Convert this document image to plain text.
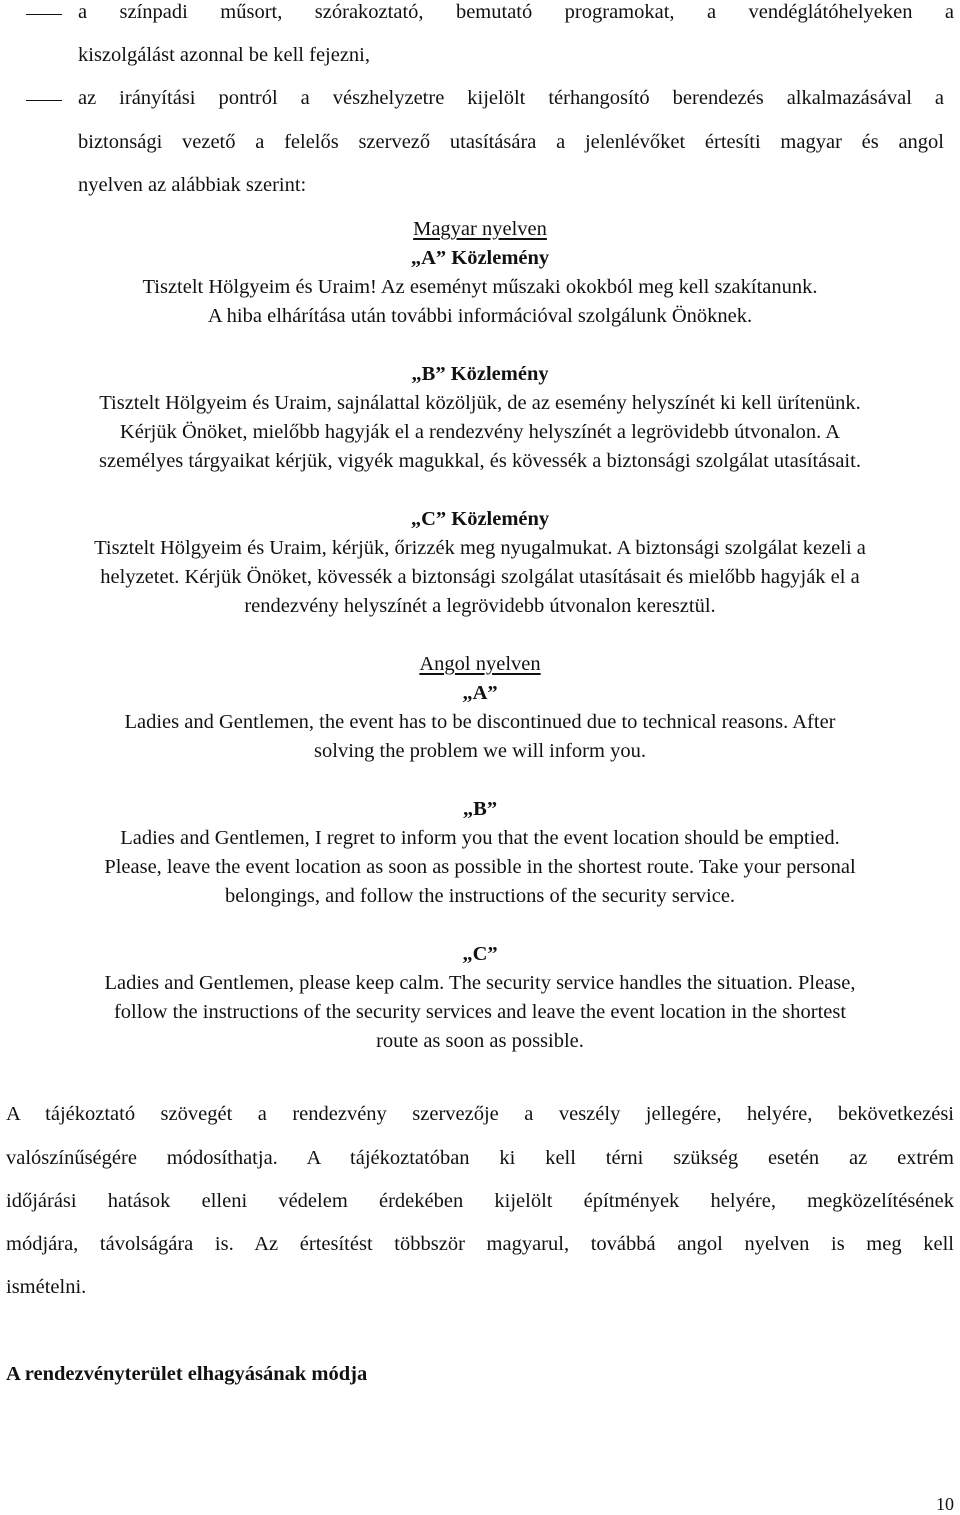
a színpadi műsort, szórakoztató, bemutató programokat, a vendéglátóhelyeken a
kiszolgálást azonnal be kell fejezni,
az irányítási pontról a vészhelyzetre kijelölt térhangosító berendezés alkalmazásával a
biztonsági vezető a felelős szervező utasítására a jelenlévőket értesíti magyar és angol
nyelven az alábbiak szerint:
Magyar nyelven
„A” Közlemény
Tisztelt Hölgyeim és Uraim! Az eseményt műszaki okokból meg kell szakítanunk.
A hiba elhárítása után további információval szolgálunk Önöknek.
„B” Közlemény
Tisztelt Hölgyeim és Uraim, sajnálattal közöljük, de az esemény helyszínét ki kell ürítenünk.
Kérjük Önöket, mielőbb hagyják el a rendezvény helyszínét a legrövidebb útvonalon. A
személyes tárgyaikat kérjük, vigyék magukkal, és kövessék a biztonsági szolgálat utasításait.
„C” Közlemény
Tisztelt Hölgyeim és Uraim, kérjük, őrizzék meg nyugalmukat. A biztonsági szolgálat kezeli a
helyzetet. Kérjük Önöket, kövessék a biztonsági szolgálat utasításait és mielőbb hagyják el a
rendezvény helyszínét a legrövidebb útvonalon keresztül.
Angol nyelven
„A”
Ladies and Gentlemen, the event has to be discontinued due to technical reasons. After
solving the problem we will inform you.
„B”
Ladies and Gentlemen, I regret to inform you that the event location should be emptied.
Please, leave the event location as soon as possible in the shortest route. Take your personal
belongings, and follow the instructions of the security service.
„C”
Ladies and Gentlemen, please keep calm. The security service handles the situation. Please,
follow the instructions of the security services and leave the event location in the shortest
route as soon as possible.
A tájékoztató szövegét a rendezvény szervezője a veszély jellegére, helyére, bekövetkezési
valószínűségére módosíthatja. A tájékoztatóban ki kell térni szükség esetén az extrém
időjárási hatások elleni védelem érdekében kijelölt építmények helyére, megközelítésének
módjára, távolságára is. Az értesítést többször magyarul, továbbá angol nyelven is meg kell
ismételni.
A rendezvényterület elhagyásának módja
10
